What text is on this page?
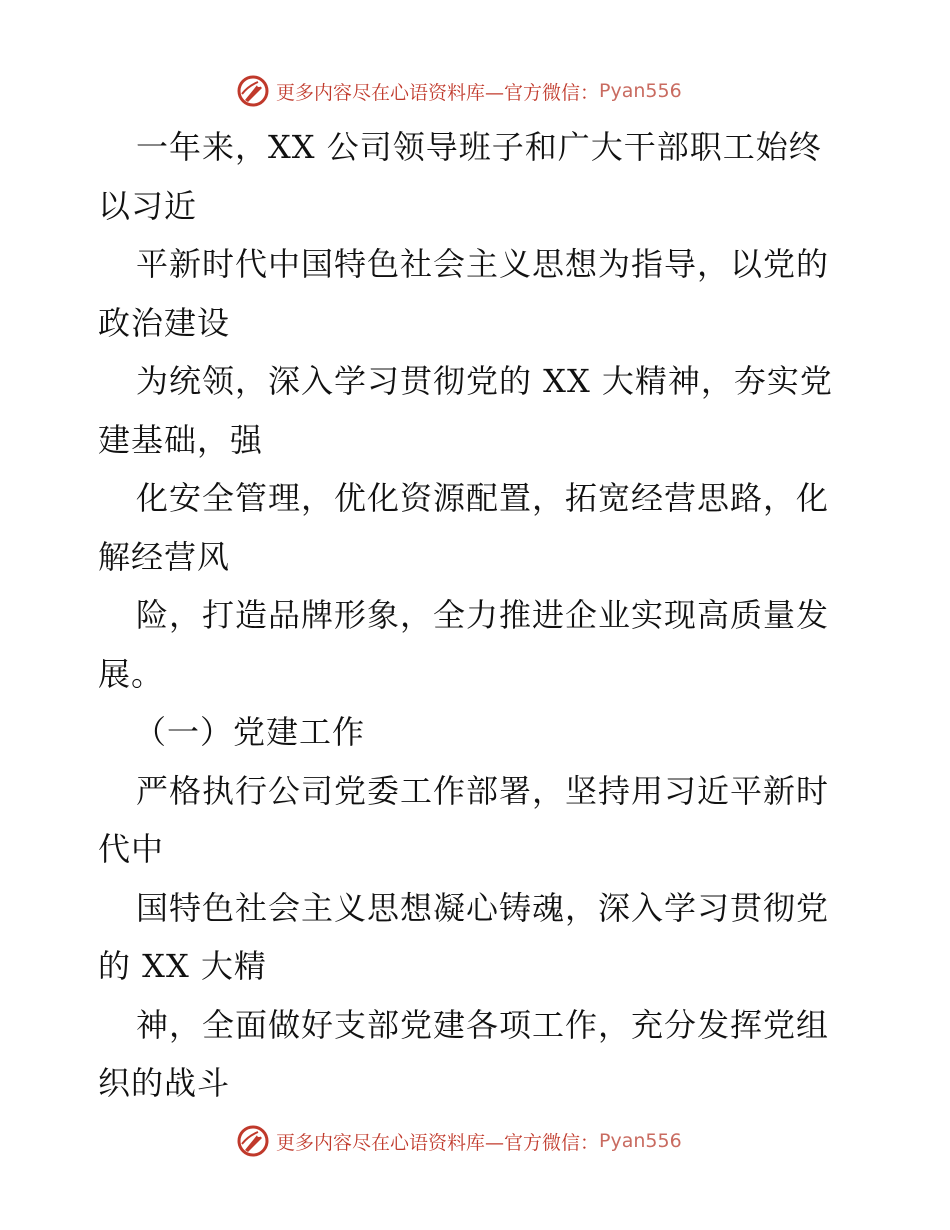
更多内容尽在心语资料库—官方微信： Pyan556
一年来，XX 公司领导班子和广大干部职工始终
以习近
平新时代中国特色社会主义思想为指导，以党的
政治建设
为统领，深入学习贯彻党的 XX 大精神，夯实党
建基础，强
化安全管理，优化资源配置，拓宽经营思路，化
解经营风
险，打造品牌形象，全力推进企业实现高质量发
展。
（一）党建工作
严格执行公司党委工作部署，坚持用习近平新时
代中
国特色社会主义思想凝心铸魂，深入学习贯彻党
的 XX 大精
神，全面做好支部党建各项工作，充分发挥党组
织的战斗
更多内容尽在心语资料库—官方微信： Pyan556
